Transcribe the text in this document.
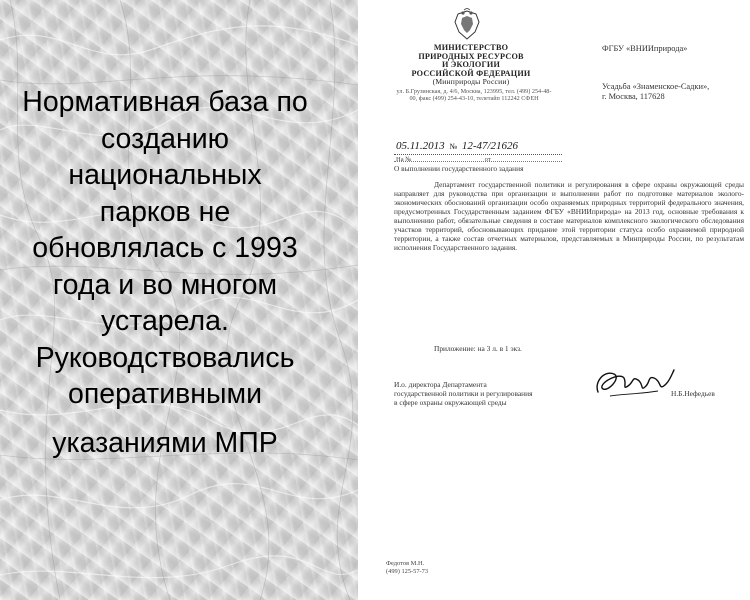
Нормативная база по
созданию
национальных
парков не
обновлялась с 1993
года и во многом
устарела.
Руководствовались
оперативными
указаниями МПР
МИНИСТЕРСТВО
ПРИРОДНЫХ РЕСУРСОВ
И ЭКОЛОГИИ
РОССИЙСКОЙ ФЕДЕРАЦИИ
(Минприроды России)
ул. Б.Грузинская, д. 4/6, Москва, 123995, тел. (499) 254-48-00, факс (499) 254-43-10, телетайп 112242 СФЕН
ФГБУ «ВНИИприрода»
Усадьба «Знаменское-Садки»,
г. Москва, 117628
05.11.2013 № 12-47/21626
На №	от
О выполнении государственного задания
Департамент государственной политики и регулирования в сфере охраны окружающей среды направляет для руководства при организации и выполнении работ по подготовке материалов эколого-экономических обоснований организации особо охраняемых природных территорий федерального значения, предусмотренных Государственным заданием ФГБУ «ВНИИприрода» на 2013 год, основные требования к выполнению работ, обязательные сведения в составе материалов комплексного экологического обследования участков территорий, обосновывающих придание этой территории статуса особо охраняемой природной территории, а также состав отчетных материалов, представляемых в Минприроды России, по результатам исполнения Государственного задания.
Приложение: на 3 л. в 1 экз.
И.о. директора Департамента
государственной политики и регулирования
в сфере охраны окружающей среды
Н.Б.Нефедьев
Федотов М.Н.
(499) 125-57-73
